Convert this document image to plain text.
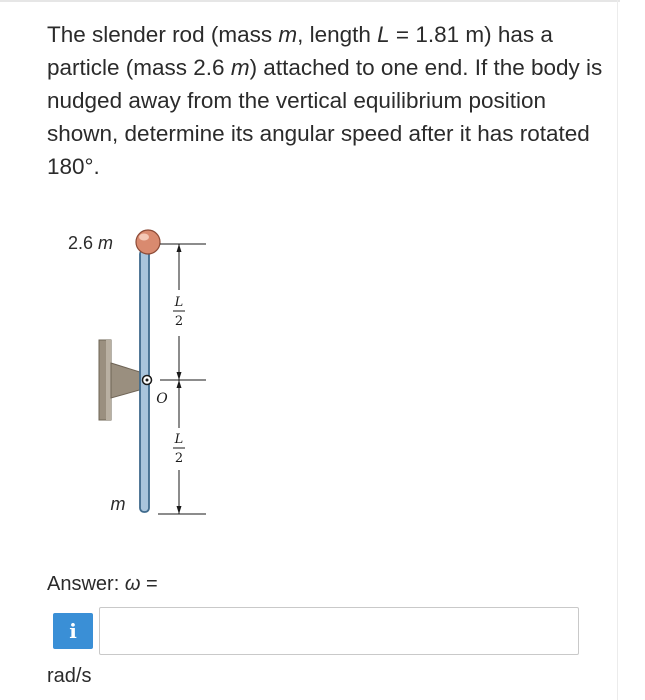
The slender rod (mass m, length L = 1.81 m) has a particle (mass 2.6 m) attached to one end. If the body is nudged away from the vertical equilibrium position shown, determine its angular speed after it has rotated 180°.

L
2
L
2
2.6 m
O
m
Answer: ω =
i
rad/s
